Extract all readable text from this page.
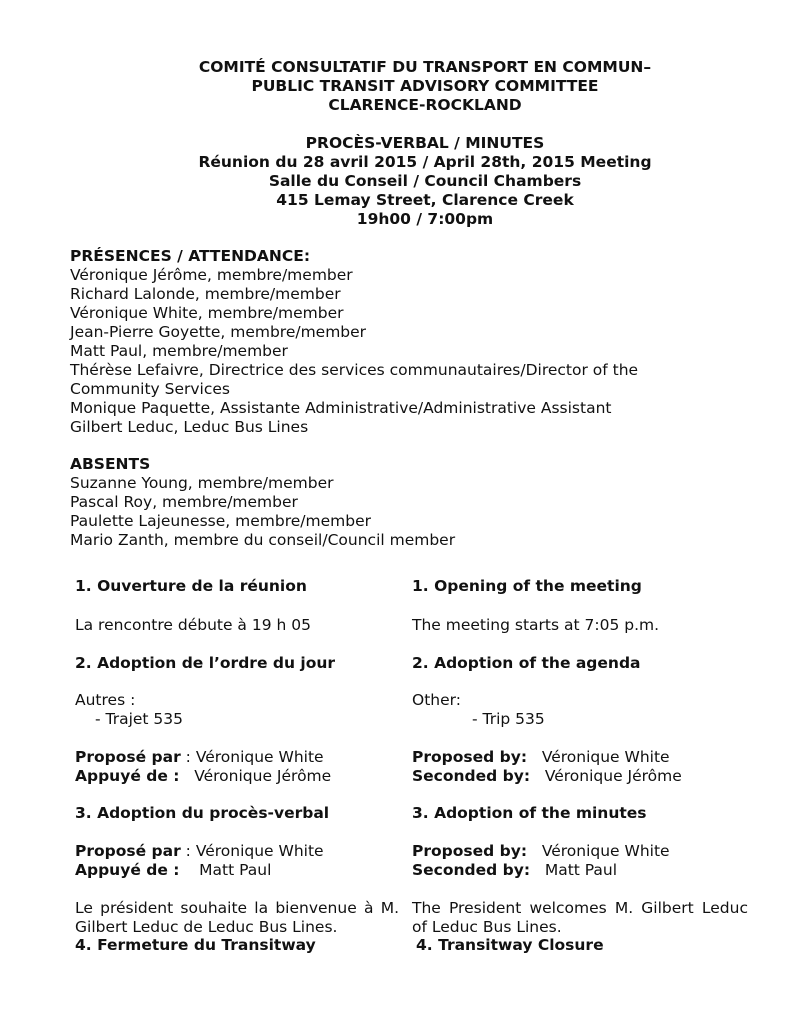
COMITÉ CONSULTATIF DU TRANSPORT EN COMMUN–
PUBLIC TRANSIT ADVISORY COMMITTEE
CLARENCE-ROCKLAND
PROCÈS-VERBAL / MINUTES
Réunion du 28 avril 2015 / April 28th, 2015 Meeting
Salle du Conseil / Council Chambers
415 Lemay Street, Clarence Creek
19h00 / 7:00pm
PRÉSENCES / ATTENDANCE:
Véronique Jérôme, membre/member
Richard Lalonde, membre/member
Véronique White, membre/member
Jean-Pierre Goyette, membre/member
Matt Paul, membre/member
Thérèse Lefaivre, Directrice des services communautaires/Director of the
Community Services
Monique Paquette, Assistante Administrative/Administrative Assistant
Gilbert Leduc, Leduc Bus Lines
ABSENTS
Suzanne Young, membre/member
Pascal Roy, membre/member
Paulette Lajeunesse, membre/member
Mario Zanth, membre du conseil/Council member
1. Ouverture de la réunion
La rencontre débute à 19 h 05
2. Adoption de l’ordre du jour
Autres :
- Trajet 535
Proposé par : Véronique White
Appuyé de : Véronique Jérôme
3. Adoption du procès-verbal
Proposé par : Véronique White
Appuyé de : Matt Paul
Le président souhaite la bienvenue à M. Gilbert Leduc de Leduc Bus Lines.
4. Fermeture du Transitway
1. Opening of the meeting
The meeting starts at 7:05 p.m.
2. Adoption of the agenda
Other:
- Trip 535
Proposed by: Véronique White
Seconded by: Véronique Jérôme
3. Adoption of the minutes
Proposed by: Véronique White
Seconded by: Matt Paul
The President welcomes M. Gilbert Leduc of Leduc Bus Lines.
4. Transitway Closure
